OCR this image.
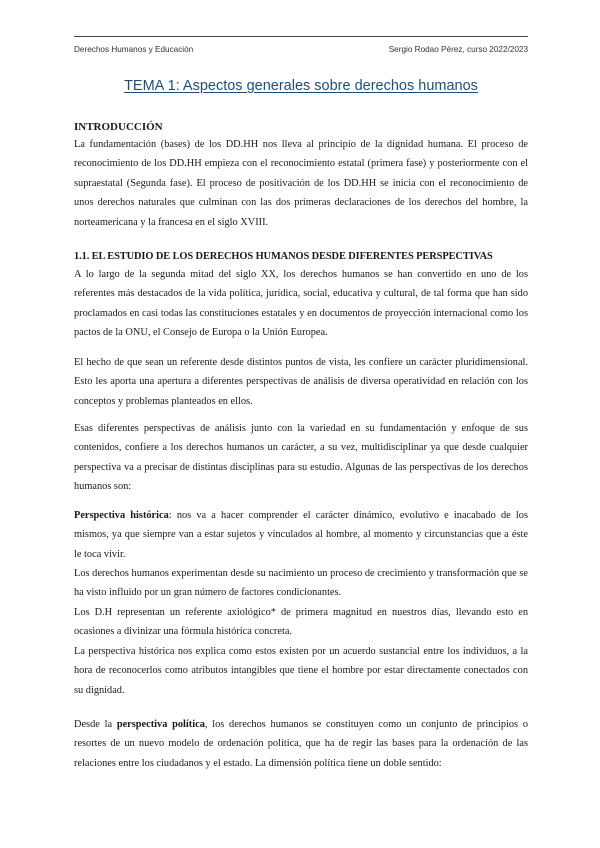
Derechos Humanos y Educación	Sergio Rodao Pérez, curso 2022/2023
TEMA 1: Aspectos generales sobre derechos humanos
INTRODUCCIÓN

La fundamentación (bases) de los DD.HH nos lleva al principio de la dignidad humana. El proceso de reconocimiento de los DD.HH empieza con el reconocimiento estatal (primera fase) y posteriormente con el supraestatal (Segunda fase). El proceso de positivación de los DD.HH se inicia con el reconocimiento de unos derechos naturales que culminan con las dos primeras declaraciones de los derechos del hombre, la norteamericana y la francesa en el siglo XVIII.

1.1. EL ESTUDIO DE LOS DERECHOS HUMANOS DESDE DIFERENTES PERSPECTIVAS

A lo largo de la segunda mitad del siglo XX, los derechos humanos se han convertido en uno de los referentes más destacados de la vida política, jurídica, social, educativa y cultural, de tal forma que han sido proclamados en casi todas las constituciones estatales y en documentos de proyección internacional como los pactos de la ONU, el Consejo de Europa o la Unión Europea.

El hecho de que sean un referente desde distintos puntos de vista, les confiere un carácter pluridimensional. Esto les aporta una apertura a diferentes perspectivas de análisis de diversa operatividad en relación con los conceptos y problemas planteados en ellos.

Esas diferentes perspectivas de análisis junto con la variedad en su fundamentación y enfoque de sus contenidos, confiere a los derechos humanos un carácter, a su vez, multidisciplinar ya que desde cualquier perspectiva va a precisar de distintas disciplinas para su estudio. Algunas de las perspectivas de los derechos humanos son:

Perspectiva histórica: nos va a hacer comprender el carácter dinámico, evolutivo e inacabado de los mismos, ya que siempre van a estar sujetos y vinculados al hombre, al momento y circunstancias que a éste le toca vivir.

Los derechos humanos experimentan desde su nacimiento un proceso de crecimiento y transformación que se ha visto influido por un gran número de factores condicionantes.

Los D.H representan un referente axiológico* de primera magnitud en nuestros días, llevando esto en ocasiones a divinizar una fórmula histórica concreta.

La perspectiva histórica nos explica como estos existen por un acuerdo sustancial entre los individuos, a la hora de reconocerlos como atributos intangibles que tiene el hombre por estar directamente conectados con su dignidad.

Desde la perspectiva política, los derechos humanos se constituyen como un conjunto de principios o resortes de un nuevo modelo de ordenación política, que ha de regir las bases para la ordenación de las relaciones entre los ciudadanos y el estado. La dimensión política tiene un doble sentido:
